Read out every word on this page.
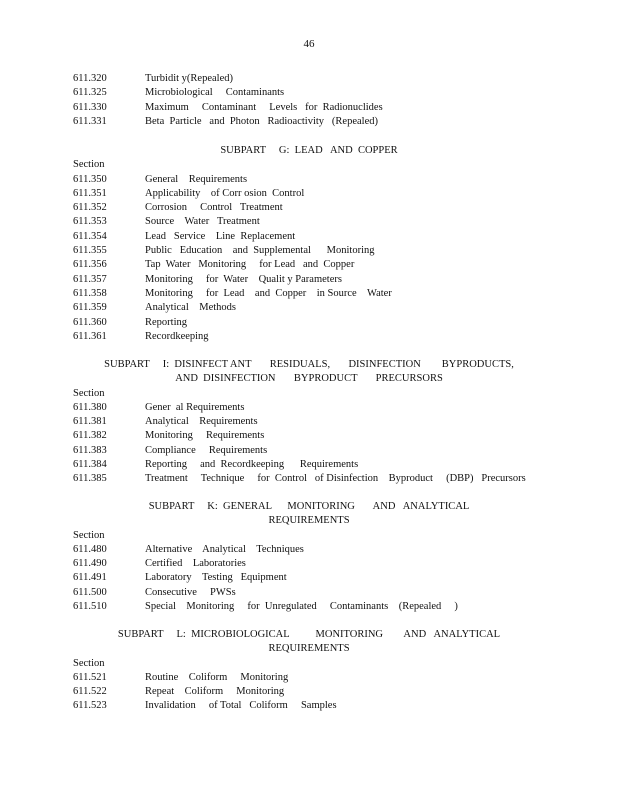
46
611.320	Turbidit y(Repealed)
611.325	Microbiological     Contaminants
611.330	Maximum     Contaminant     Levels   for  Radionuclides
611.331	Beta  Particle   and  Photon   Radioactivity   (Repealed)
SUBPART     G:  LEAD   AND  COPPER
Section
611.350	General    Requirements
611.351	Applicability    of Corr osion  Control
611.352	Corrosion     Control   Treatment
611.353	Source    Water   Treatment
611.354	Lead   Service    Line  Replacement
611.355	Public   Education    and  Supplemental      Monitoring
611.356	Tap  Water   Monitoring     for Lead   and  Copper
611.357	Monitoring     for  Water    Qualit y Parameters
611.358	Monitoring     for  Lead    and  Copper    in Source    Water
611.359	Analytical    Methods
611.360	Reporting
611.361	Recordkeeping
SUBPART     I:  DISINFECT ANT       RESIDUALS,       DISINFECTION        BYPRODUCTS,
AND  DISINFECTION       BYPRODUCT       PRECURSORS
Section
611.380	Gener  al Requirements
611.381	Analytical    Requirements
611.382	Monitoring     Requirements
611.383	Compliance     Requirements
611.384	Reporting     and  Recordkeeping      Requirements
611.385	Treatment     Technique     for  Control   of Disinfection    Byproduct     (DBP)   Precursors
SUBPART     K:  GENERAL      MONITORING       AND   ANALYTICAL
REQUIREMENTS
Section
611.480	Alternative    Analytical    Techniques
611.490	Certified    Laboratories
611.491	Laboratory    Testing   Equipment
611.500	Consecutive     PWSs
611.510	Special    Monitoring     for  Unregulated     Contaminants    (Repealed     )
SUBPART     L:  MICROBIOLOGICAL          MONITORING        AND   ANALYTICAL
REQUIREMENTS
Section
611.521	Routine    Coliform     Monitoring
611.522	Repeat    Coliform     Monitoring
611.523	Invalidation     of Total   Coliform     Samples
